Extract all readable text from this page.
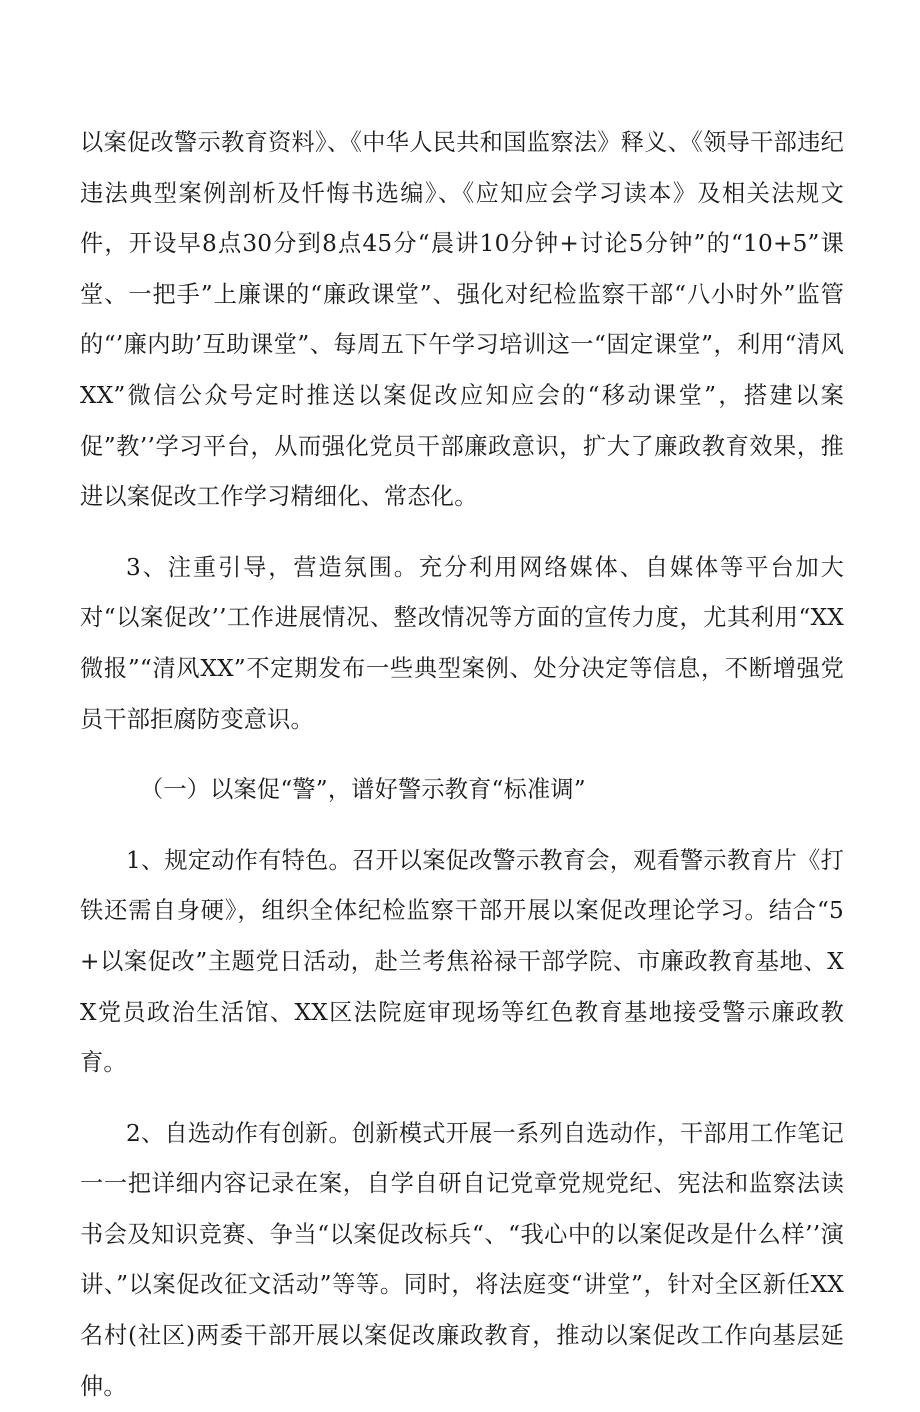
以案促改警示教育资料》、《中华人民共和国监察法》释义、《领导干部违纪违法典型案例剖析及忏悔书选编》、《应知应会学习读本》及相关法规文件，开设早8点30分到8点45分“晨讲10分钟+讨论5分钟”的“10+5”课堂、一把手”上廉课的“廉政课堂”、强化对纪检监察干部“八小时外”监管的“’廉内助’互助课堂”、每周五下午学习培训这一“固定课堂”，利用“清风XX”微信公众号定时推送以案促改应知应会的“移动课堂”，搭建以案促”教’’学习平台，从而强化党员干部廉政意识，扩大了廉政教育效果，推进以案促改工作学习精细化、常态化。

3、注重引导，营造氛围。充分利用网络媒体、自媒体等平台加大对“以案促改’’工作进展情况、整改情况等方面的宣传力度，尤其利用“XX微报”“清风XX”不定期发布一些典型案例、处分决定等信息，不断增强党员干部拒腐防变意识。

（一）以案促“警”，谱好警示教育“标准调”

1、规定动作有特色。召开以案促改警示教育会，观看警示教育片《打铁还需自身硬》，组织全体纪检监察干部开展以案促改理论学习。结合“5+以案促改”主题党日活动，赴兰考焦裕禄干部学院、市廉政教育基地、XX党员政治生活馆、XX区法院庭审现场等红色教育基地接受警示廉政教育。

2、自选动作有创新。创新模式开展一系列自选动作，干部用工作笔记一一把详细内容记录在案，自学自研自记党章党规党纪、宪法和监察法读书会及知识竞赛、争当“以案促改标兵“、“我心中的以案促改是什么样’’演讲、”以案促改征文活动”等等。同时，将法庭变“讲堂”，针对全区新任XX名村(社区)两委干部开展以案促改廉政教育，推动以案促改工作向基层延伸。
